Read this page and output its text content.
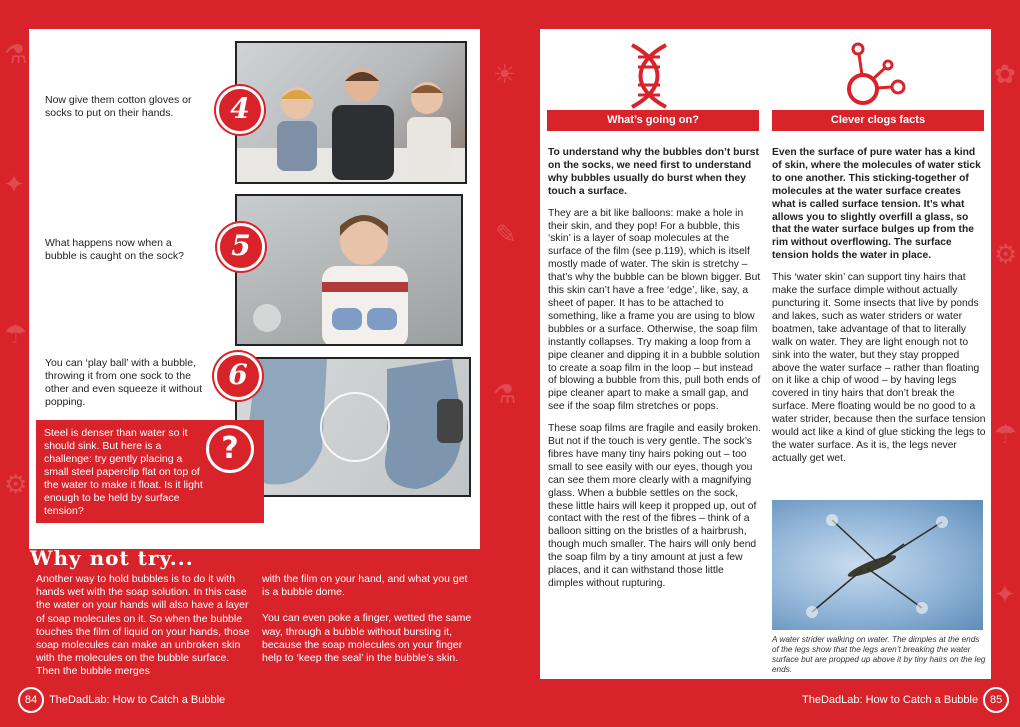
⚗
✦
☂
⚙
☀
✎
⚗
✿
⚙
☂
✦
Now give them cotton gloves or socks to put on their hands.	4
What happens now when a bubble is caught on the sock?	5
You can ‘play ball’ with a bubble, throwing it from one sock to the other and even squeeze it without popping.
6
Steel is denser than water so it should sink. But here is a challenge: try gently placing a small steel paperclip flat on top of the water to make it float. Is it light enough to be held by surface tension?
?
Why not try...
Another way to hold bubbles is to do it with hands wet with the soap solution. In this case the water on your hands will also have a layer of soap molecules on it. So when the bubble touches the film of liquid on your hands, those soap molecules can make an unbroken skin with the molecules on the bubble surface. Then the bubble merges

with the film on your hand, and what you get is a bubble dome.

You can even poke a finger, wetted the same way, through a bubble without bursting it, because the soap molecules on your finger help to ‘keep the seal’ in the bubble’s skin.

84 TheDadLab: How to Catch a Bubble
What’s going on?	Clever clogs facts

To understand why the bubbles don’t burst on the socks, we need first to understand why bubbles usually do burst when they touch a surface.

They are a bit like balloons: make a hole in their skin, and they pop! For a bubble, this ‘skin’ is a layer of soap molecules at the surface of the film (see p.119), which is itself mostly made of water. The skin is stretchy – that’s why the bubble can be blown bigger. But this skin can’t have a free ‘edge’, like, say, a sheet of paper. It has to be attached to something, like a frame you are using to blow bubbles or a surface. Otherwise, the soap film instantly collapses. Try making a loop from a pipe cleaner and dipping it in a bubble solution to create a soap film in the loop – but instead of blowing a bubble from this, pull both ends of pipe cleaner apart to make a small gap, and see if the soap film stretches or pops.

These soap films are fragile and easily broken. But not if the touch is very gentle. The sock’s fibres have many tiny hairs poking out – too small to see easily with our eyes, though you can see them more clearly with a magnifying glass. When a bubble settles on the sock, these little hairs will keep it propped up, out of contact with the rest of the fibres – think of a balloon sitting on the bristles of a hairbrush, though much smaller. The hairs will only bend the soap film by a tiny amount at just a few places, and it can withstand those little dimples without rupturing.

Even the surface of pure water has a kind of skin, where the molecules of water stick to one another. This sticking-together of molecules at the water surface creates what is called surface tension. It’s what allows you to slightly overfill a glass, so that the water surface bulges up from the rim without overflowing. The surface tension holds the water in place.

This ‘water skin’ can support tiny hairs that make the surface dimple without actually puncturing it. Some insects that live by ponds and lakes, such as water striders or water boatmen, take advantage of that to literally walk on water. They are light enough not to sink into the water, but they stay propped above the water surface – rather than floating on it like a chip of wood – by having legs covered in tiny hairs that don’t break the surface. Mere floating would be no good to a water strider, because then the surface tension would act like a kind of glue sticking the legs to the water surface. As it is, the legs never actually get wet.

A water strider walking on water. The dimples at the ends of the legs show that the legs aren’t breaking the water surface but are propped up above it by tiny hairs on the leg ends.
TheDadLab: How to Catch a Bubble 85
